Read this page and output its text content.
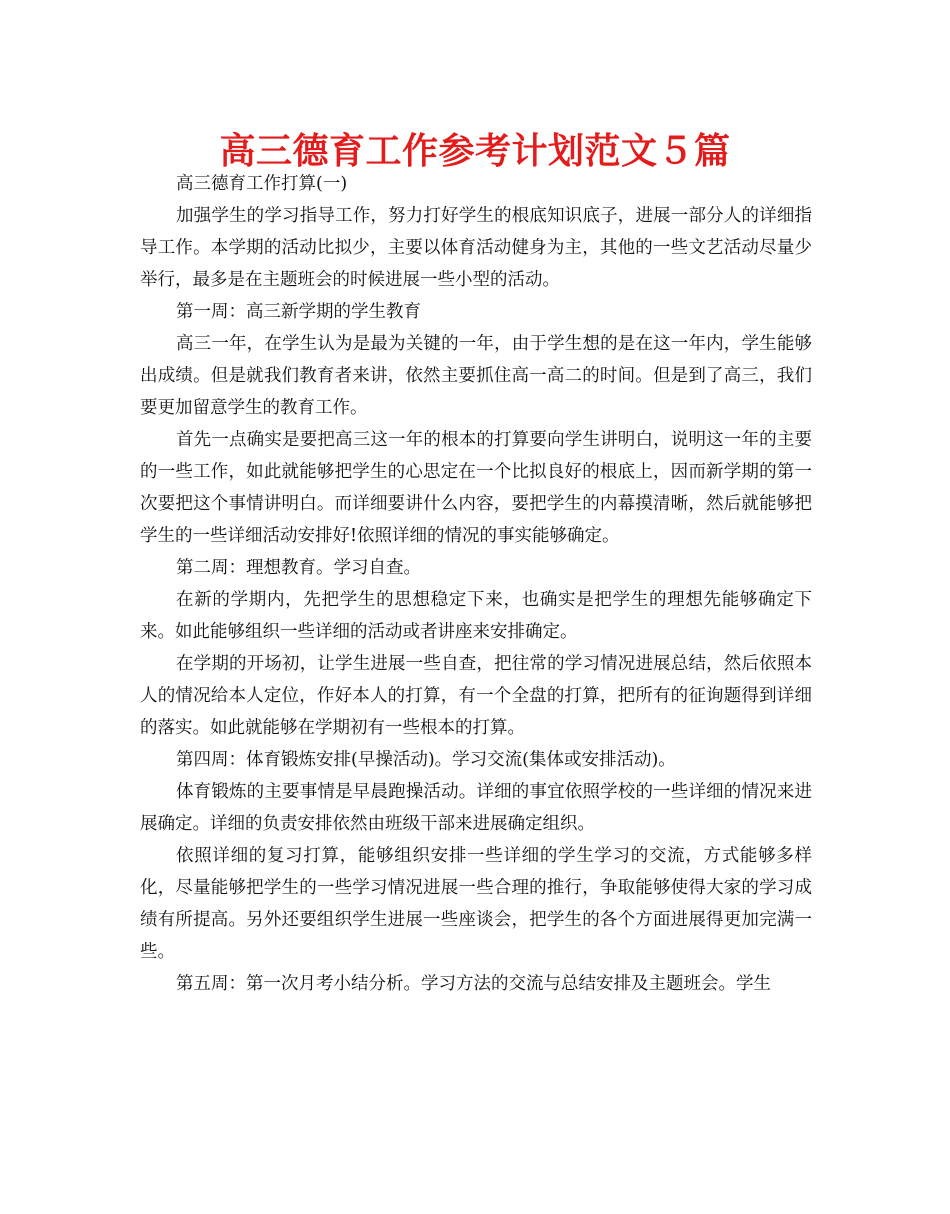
高三德育工作参考计划范文５篇

高三德育工作打算(一)

加强学生的学习指导工作，努力打好学生的根底知识底子，进展一部分人的详细指导工作。本学期的活动比拟少，主要以体育活动健身为主，其他的一些文艺活动尽量少举行，最多是在主题班会的时候进展一些小型的活动。

第一周：高三新学期的学生教育

高三一年，在学生认为是最为关键的一年，由于学生想的是在这一年内，学生能够出成绩。但是就我们教育者来讲，依然主要抓住高一高二的时间。但是到了高三，我们要更加留意学生的教育工作。

首先一点确实是要把高三这一年的根本的打算要向学生讲明白，说明这一年的主要的一些工作，如此就能够把学生的心思定在一个比拟良好的根底上，因而新学期的第一次要把这个事情讲明白。而详细要讲什么内容，要把学生的内幕摸清晰，然后就能够把学生的一些详细活动安排好!依照详细的情况的事实能够确定。

第二周：理想教育。学习自查。

在新的学期内，先把学生的思想稳定下来，也确实是把学生的理想先能够确定下来。如此能够组织一些详细的活动或者讲座来安排确定。

在学期的开场初，让学生进展一些自查，把往常的学习情况进展总结，然后依照本人的情况给本人定位，作好本人的打算，有一个全盘的打算，把所有的征询题得到详细的落实。如此就能够在学期初有一些根本的打算。

第四周：体育锻炼安排(早操活动)。学习交流(集体或安排活动)。

体育锻炼的主要事情是早晨跑操活动。详细的事宜依照学校的一些详细的情况来进展确定。详细的负责安排依然由班级干部来进展确定组织。

依照详细的复习打算，能够组织安排一些详细的学生学习的交流，方式能够多样化，尽量能够把学生的一些学习情况进展一些合理的推行，争取能够使得大家的学习成绩有所提高。另外还要组织学生进展一些座谈会，把学生的各个方面进展得更加完满一些。

第五周：第一次月考小结分析。学习方法的交流与总结安排及主题班会。学生
